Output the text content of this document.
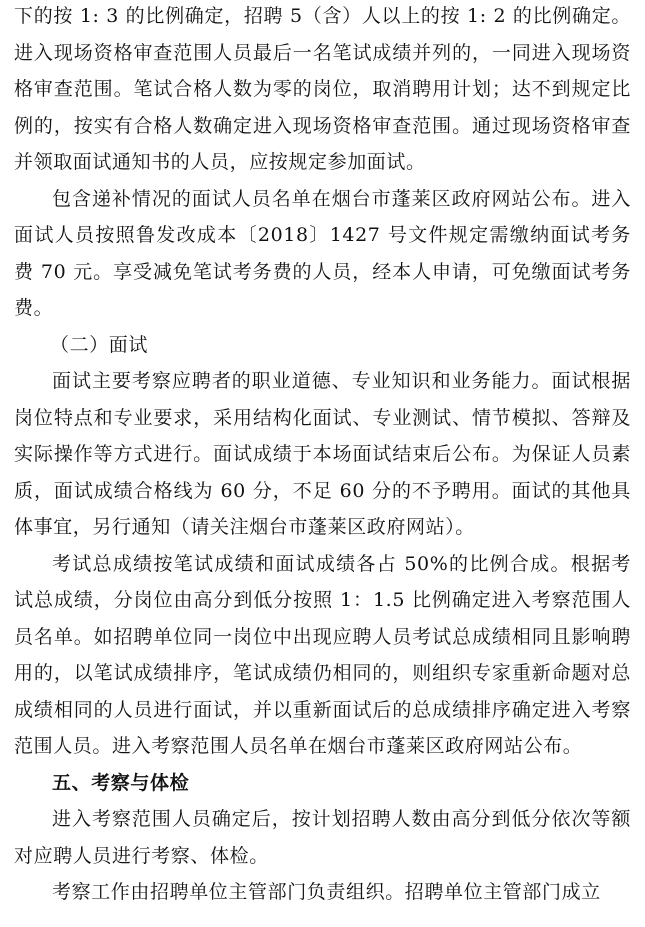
下的按 1: 3 的比例确定，招聘 5（含）人以上的按 1: 2 的比例确定。进入现场资格审查范围人员最后一名笔试成绩并列的，一同进入现场资格审查范围。笔试合格人数为零的岗位，取消聘用计划；达不到规定比例的，按实有合格人数确定进入现场资格审查范围。通过现场资格审查并领取面试通知书的人员，应按规定参加面试。

包含递补情况的面试人员名单在烟台市蓬莱区政府网站公布。进入面试人员按照鲁发改成本〔2018〕1427 号文件规定需缴纳面试考务费 70 元。享受减免笔试考务费的人员，经本人申请，可免缴面试考务费。

（二）面试

面试主要考察应聘者的职业道德、专业知识和业务能力。面试根据岗位特点和专业要求，采用结构化面试、专业测试、情节模拟、答辩及实际操作等方式进行。面试成绩于本场面试结束后公布。为保证人员素质，面试成绩合格线为 60 分，不足 60 分的不予聘用。面试的其他具体事宜，另行通知（请关注烟台市蓬莱区政府网站）。

考试总成绩按笔试成绩和面试成绩各占 50%的比例合成。根据考试总成绩，分岗位由高分到低分按照 1：1.5 比例确定进入考察范围人员名单。如招聘单位同一岗位中出现应聘人员考试总成绩相同且影响聘用的，以笔试成绩排序，笔试成绩仍相同的，则组织专家重新命题对总成绩相同的人员进行面试，并以重新面试后的总成绩排序确定进入考察范围人员。进入考察范围人员名单在烟台市蓬莱区政府网站公布。

五、考察与体检

进入考察范围人员确定后，按计划招聘人数由高分到低分依次等额对应聘人员进行考察、体检。

考察工作由招聘单位主管部门负责组织。招聘单位主管部门成立
